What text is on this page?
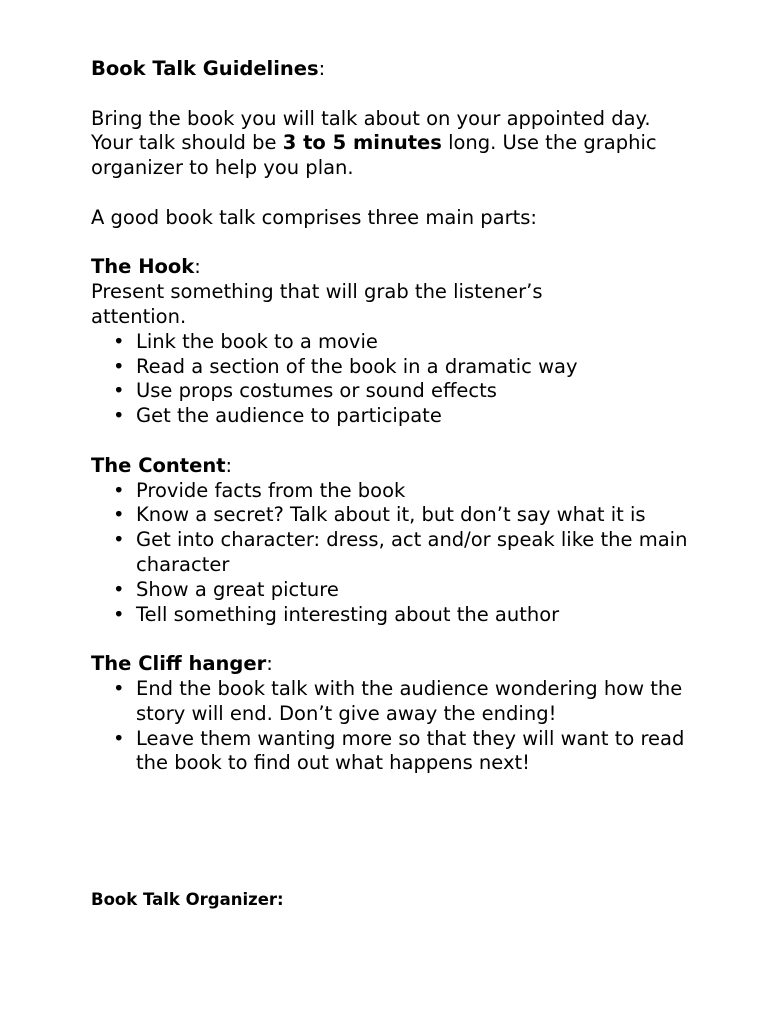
Book Talk Guidelines:

Bring the book you will talk about on your appointed day. Your talk should be 3 to 5 minutes long. Use the graphic organizer to help you plan.

A good book talk comprises three main parts:

The Hook:

Present something that will grab the listener’s attention.

• Link the book to a movie
• Read a section of the book in a dramatic way
• Use props costumes or sound effects
• Get the audience to participate

The Content:

• Provide facts from the book
• Know a secret? Talk about it, but don’t say what it is
• Get into character: dress, act and/or speak like the main character
• Show a great picture
• Tell something interesting about the author

The Cliff hanger:

• End the book talk with the audience wondering how the story will end. Don’t give away the ending!
• Leave them wanting more so that they will want to read the book to find out what happens next!

Book Talk Organizer:
